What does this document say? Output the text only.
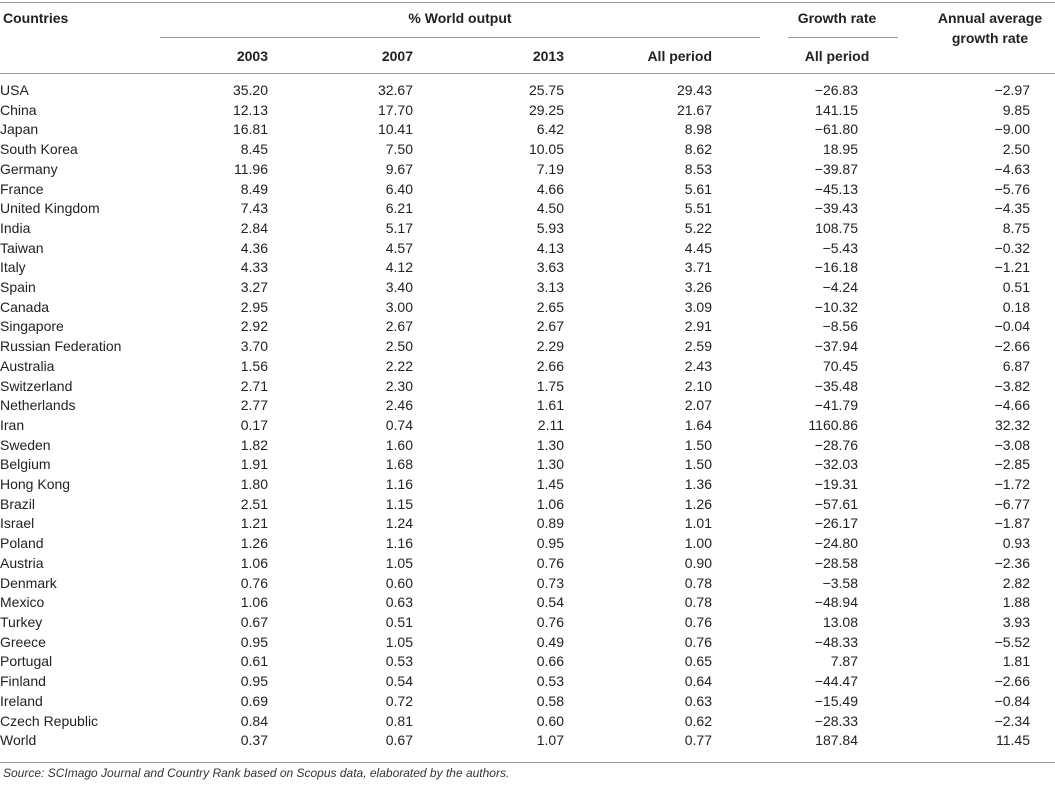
Countries	% World output	Growth rate	Annual average
growth rate
2003	2007	2013	All period	All period
USA	35.20	32.67	25.75	29.43	−26.83	−2.97
China	12.13	17.70	29.25	21.67	141.15	9.85
Japan	16.81	10.41	6.42	8.98	−61.80	−9.00
South Korea	8.45	7.50	10.05	8.62	18.95	2.50
Germany	11.96	9.67	7.19	8.53	−39.87	−4.63
France	8.49	6.40	4.66	5.61	−45.13	−5.76
United Kingdom	7.43	6.21	4.50	5.51	−39.43	−4.35
India	2.84	5.17	5.93	5.22	108.75	8.75
Taiwan	4.36	4.57	4.13	4.45	−5.43	−0.32
Italy	4.33	4.12	3.63	3.71	−16.18	−1.21
Spain	3.27	3.40	3.13	3.26	−4.24	0.51
Canada	2.95	3.00	2.65	3.09	−10.32	0.18
Singapore	2.92	2.67	2.67	2.91	−8.56	−0.04
Russian Federation	3.70	2.50	2.29	2.59	−37.94	−2.66
Australia	1.56	2.22	2.66	2.43	70.45	6.87
Switzerland	2.71	2.30	1.75	2.10	−35.48	−3.82
Netherlands	2.77	2.46	1.61	2.07	−41.79	−4.66
Iran	0.17	0.74	2.11	1.64	1160.86	32.32
Sweden	1.82	1.60	1.30	1.50	−28.76	−3.08
Belgium	1.91	1.68	1.30	1.50	−32.03	−2.85
Hong Kong	1.80	1.16	1.45	1.36	−19.31	−1.72
Brazil	2.51	1.15	1.06	1.26	−57.61	−6.77
Israel	1.21	1.24	0.89	1.01	−26.17	−1.87
Poland	1.26	1.16	0.95	1.00	−24.80	0.93
Austria	1.06	1.05	0.76	0.90	−28.58	−2.36
Denmark	0.76	0.60	0.73	0.78	−3.58	2.82
Mexico	1.06	0.63	0.54	0.78	−48.94	1.88
Turkey	0.67	0.51	0.76	0.76	13.08	3.93
Greece	0.95	1.05	0.49	0.76	−48.33	−5.52
Portugal	0.61	0.53	0.66	0.65	7.87	1.81
Finland	0.95	0.54	0.53	0.64	−44.47	−2.66
Ireland	0.69	0.72	0.58	0.63	−15.49	−0.84
Czech Republic	0.84	0.81	0.60	0.62	−28.33	−2.34
World	0.37	0.67	1.07	0.77	187.84	11.45
Source: SCImago Journal and Country Rank based on Scopus data, elaborated by the authors.
